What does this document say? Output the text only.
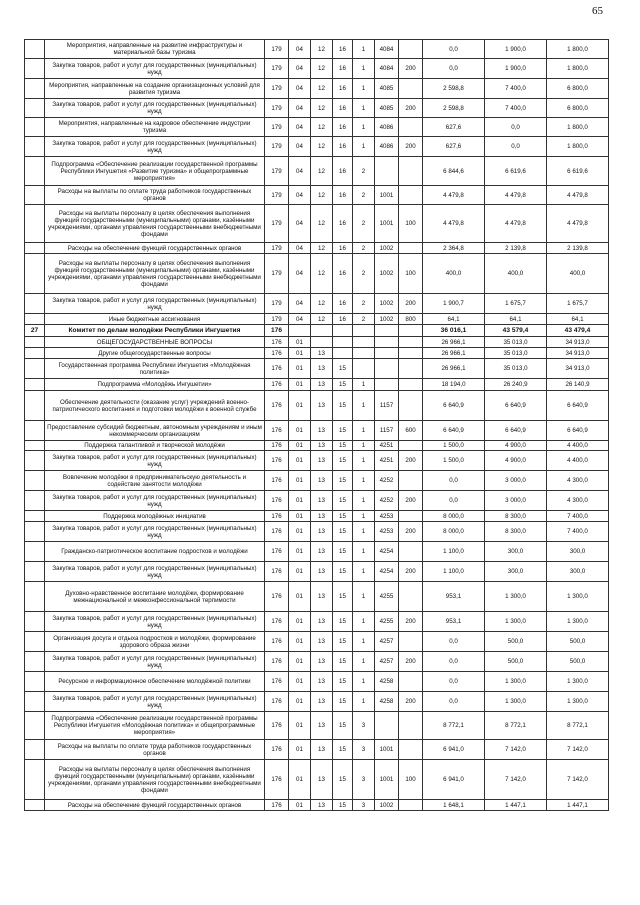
65
	Мероприятия, направленные на развитие инфраструктуры и материальной базы туризма	179	04	12	16	1	4084		0,0	1 900,0	1 800,0
	Закупка товаров, работ и услуг для государственных (муниципальных) нужд	179	04	12	16	1	4084	200	0,0	1 900,0	1 800,0
	Мероприятия, направленные на создание организационных условий для развития туризма	179	04	12	16	1	4085		2 598,8	7 400,0	6 800,0
	Закупка товаров, работ и услуг для государственных (муниципальных) нужд	179	04	12	16	1	4085	200	2 598,8	7 400,0	6 800,0
	Мероприятия, направленные на кадровое обеспечение индустрии туризма	179	04	12	16	1	4086		627,6	0,0	1 800,0
	Закупка товаров, работ и услуг для государственных (муниципальных) нужд	179	04	12	16	1	4086	200	627,6	0,0	1 800,0
	Подпрограмма «Обеспечение реализации государственной программы Республики Ингушетия «Развитие туризма» и общепрограммные мероприятия»	179	04	12	16	2			6 844,6	6 619,6	6 619,6
	Расходы на выплаты по оплате труда работников государственных органов	179	04	12	16	2	1001		4 479,8	4 479,8	4 479,8
	Расходы на выплаты персоналу в целях обеспечения выполнения функций государственными (муниципальными) органами, казёнными учреждениями, органами управления государственными внебюджетными фондами	179	04	12	16	2	1001	100	4 479,8	4 479,8	4 479,8
	Расходы на обеспечение функций государственных органов	179	04	12	16	2	1002		2 364,8	2 139,8	2 139,8
	Расходы на выплаты персоналу в целях обеспечения выполнения функций государственными (муниципальными) органами, казёнными учреждениями, органами управления государственными внебюджетными фондами	179	04	12	16	2	1002	100	400,0	400,0	400,0
	Закупка товаров, работ и услуг для государственных (муниципальных) нужд	179	04	12	16	2	1002	200	1 900,7	1 675,7	1 675,7
	Иные бюджетные ассигнования	179	04	12	16	2	1002	800	64,1	64,1	64,1
27	Комитет по делам молодёжи Республики Ингушетия	176							36 016,1	43 579,4	43 479,4
	ОБЩЕГОСУДАРСТВЕННЫЕ ВОПРОСЫ	176	01						26 966,1	35 013,0	34 913,0
	Другие общегосударственные вопросы	176	01	13					26 966,1	35 013,0	34 913,0
	Государственная программа Республики Ингушетия «Молодёжная политика»	176	01	13	15				26 966,1	35 013,0	34 913,0
	Подпрограмма «Молодёжь Ингушетии»	176	01	13	15	1			18 194,0	26 240,9	26 140,9
	Обеспечение деятельности (оказание услуг) учреждений военно-патриотического воспитания и подготовки молодёжи к военной службе	176	01	13	15	1	1157		6 640,9	6 640,9	6 640,9
	Предоставление субсидий бюджетным, автономным учреждениям и иным некоммерческим организациям	176	01	13	15	1	1157	600	6 640,9	6 640,9	6 640,9
	Поддержка талантливой и творческой молодёжи	176	01	13	15	1	4251		1 500,0	4 900,0	4 400,0
	Закупка товаров, работ и услуг для государственных (муниципальных) нужд	176	01	13	15	1	4251	200	1 500,0	4 900,0	4 400,0
	Вовлечение молодёжи в предпринимательскую деятельность и содействие занятости молодёжи	176	01	13	15	1	4252		0,0	3 000,0	4 300,0
	Закупка товаров, работ и услуг для государственных (муниципальных) нужд	176	01	13	15	1	4252	200	0,0	3 000,0	4 300,0
	Поддержка молодёжных инициатив	176	01	13	15	1	4253		8 000,0	8 300,0	7 400,0
	Закупка товаров, работ и услуг для государственных (муниципальных) нужд	176	01	13	15	1	4253	200	8 000,0	8 300,0	7 400,0
	Гражданско-патриотическое воспитание подростков и молодёжи	176	01	13	15	1	4254		1 100,0	300,0	300,0
	Закупка товаров, работ и услуг для государственных (муниципальных) нужд	176	01	13	15	1	4254	200	1 100,0	300,0	300,0
	Духовно-нравственное воспитание молодёжи, формирование межнациональной и межконфессиональной терпимости	176	01	13	15	1	4255		953,1	1 300,0	1 300,0
	Закупка товаров, работ и услуг для государственных (муниципальных) нужд	176	01	13	15	1	4255	200	953,1	1 300,0	1 300,0
	Организация досуга и отдыха подростков и молодёжи, формирование здорового образа жизни	176	01	13	15	1	4257		0,0	500,0	500,0
	Закупка товаров, работ и услуг для государственных (муниципальных) нужд	176	01	13	15	1	4257	200	0,0	500,0	500,0
	Ресурсное и информационное обеспечение молодёжной политики	176	01	13	15	1	4258		0,0	1 300,0	1 300,0
	Закупка товаров, работ и услуг для государственных (муниципальных) нужд	176	01	13	15	1	4258	200	0,0	1 300,0	1 300,0
	Подпрограмма «Обеспечение реализации государственной программы Республики Ингушетия «Молодёжная политика» и общепрограммные мероприятия»	176	01	13	15	3			8 772,1	8 772,1	8 772,1
	Расходы на выплаты по оплате труда работников государственных органов	176	01	13	15	3	1001		6 941,0	7 142,0	7 142,0
	Расходы на выплаты персоналу в целях обеспечения выполнения функций государственными (муниципальными) органами, казёнными учреждениями, органами управления государственными внебюджетными фондами	176	01	13	15	3	1001	100	6 941,0	7 142,0	7 142,0
	Расходы на обеспечение функций государственных органов	176	01	13	15	3	1002		1 648,1	1 447,1	1 447,1
